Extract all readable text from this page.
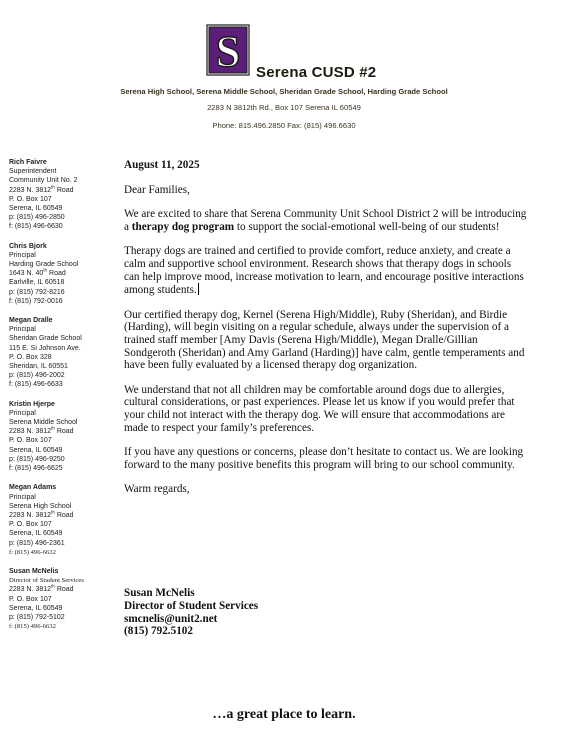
S Serena CUSD #2
Serena High School, Serena Middle School, Sheridan Grade School, Harding Grade School
2283 N 3812th Rd., Box 107 Serena IL 60549
Phone: 815.496.2850 Fax: (815) 496.6630
Rich Faivre
Superintendent
Community Unit No. 2
2283 N. 3812th Road
P. O. Box 107
Serena, IL 60549
p: (815) 496-2850
f: (815) 496-6630
Chris Bjork
Principal
Harding Grade School
1643 N. 40th Road
Earlville, IL 60518
p: (815) 792-8216
f: (815) 792-0016
Megan Dralle
Principal
Sheridan Grade School
115 E. Si Johnson Ave.
P. O. Box 328
Sheridan, IL 60551
p: (815) 496-2002
f: (815) 496-6633
Kristin Hjerpe
Principal
Serena Middle School
2283 N. 3812th Road
P. O. Box 107
Serena, IL 60549
p: (815) 496-9250
f: (815) 496-6625
Megan Adams
Principal
Serena High School
2283 N. 3812th Road
P. O. Box 107
Serena, IL 60549
p: (815) 496-2361
f: (815) 496-6632
Susan McNelis
Director of Student Services
2283 N. 3812th Road
P. O. Box 107
Serena, IL 60549
p: (815) 792-5102
f: (815) 496-6632

August 11, 2025

Dear Families,

We are excited to share that Serena Community Unit School District 2 will be introducing a therapy dog program to support the social-emotional well-being of our students!

Therapy dogs are trained and certified to provide comfort, reduce anxiety, and create a calm and supportive school environment. Research shows that therapy dogs in schools can help improve mood, increase motivation to learn, and encourage positive interactions among students.

Our certified therapy dog, Kernel (Serena High/Middle), Ruby (Sheridan), and Birdie (Harding), will begin visiting on a regular schedule, always under the supervision of a trained staff member [Amy Davis (Serena High/Middle), Megan Dralle/Gillian Sondgeroth (Sheridan) and Amy Garland (Harding)] have calm, gentle temperaments and have been fully evaluated by a licensed therapy dog organization.

We understand that not all children may be comfortable around dogs due to allergies, cultural considerations, or past experiences. Please let us know if you would prefer that your child not interact with the therapy dog. We will ensure that accommodations are made to respect your family’s preferences.

If you have any questions or concerns, please don’t hesitate to contact us. We are looking forward to the many positive benefits this program will bring to our school community.

Warm regards,

Susan McNelis
Director of Student Services
smcnelis@unit2.net
(815) 792.5102
…a great place to learn.
